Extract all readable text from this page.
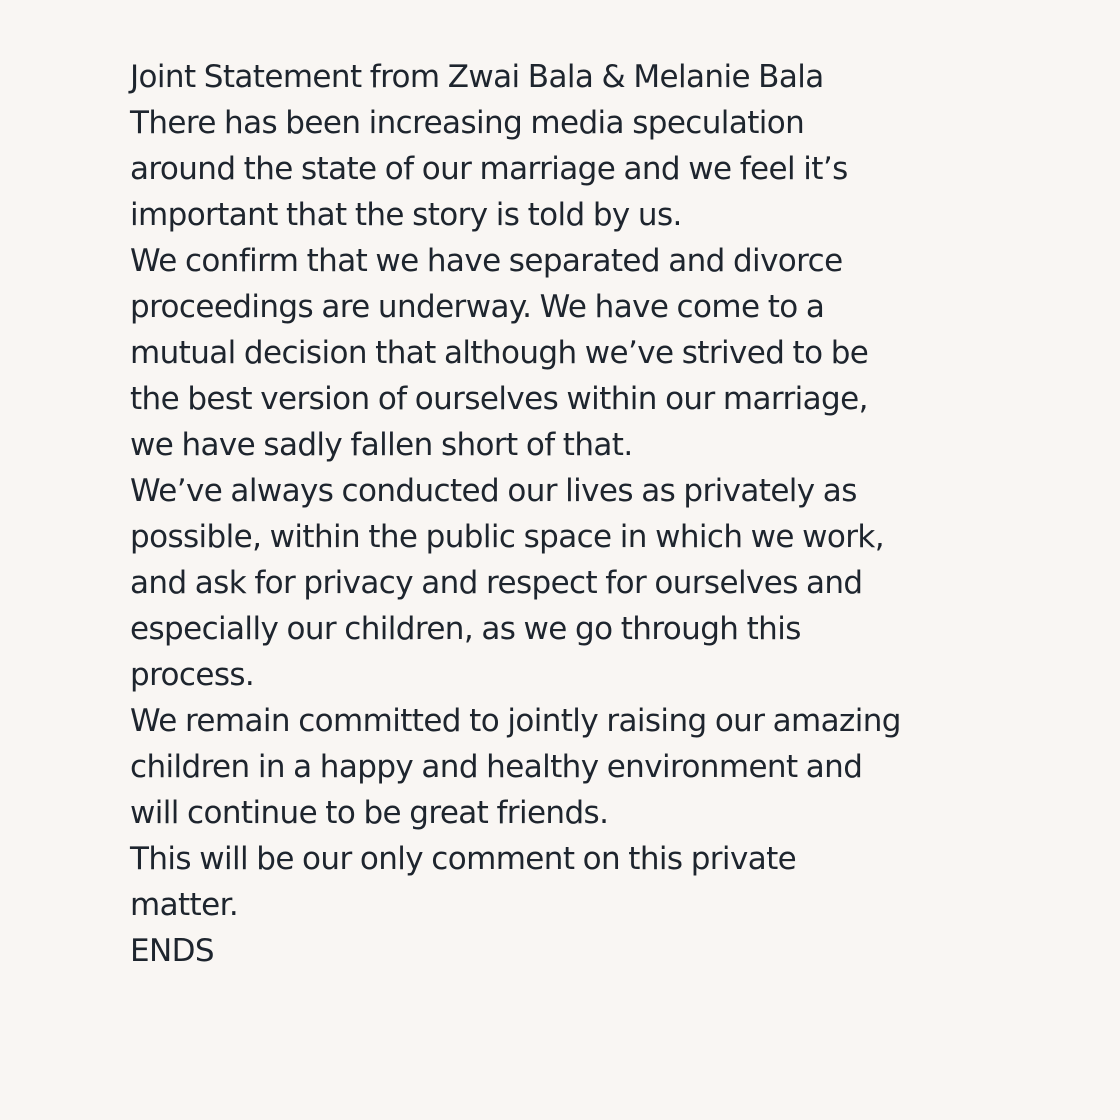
Joint Statement from Zwai Bala & Melanie Bala
There has been increasing media speculation
around the state of our marriage and we feel it’s
important that the story is told by us.
We confirm that we have separated and divorce
proceedings are underway. We have come to a
mutual decision that although we’ve strived to be
the best version of ourselves within our marriage,
we have sadly fallen short of that.
We’ve always conducted our lives as privately as
possible, within the public space in which we work,
and ask for privacy and respect for ourselves and
especially our children, as we go through this
process.
We remain committed to jointly raising our amazing
children in a happy and healthy environment and
will continue to be great friends.
This will be our only comment on this private
matter.
ENDS
